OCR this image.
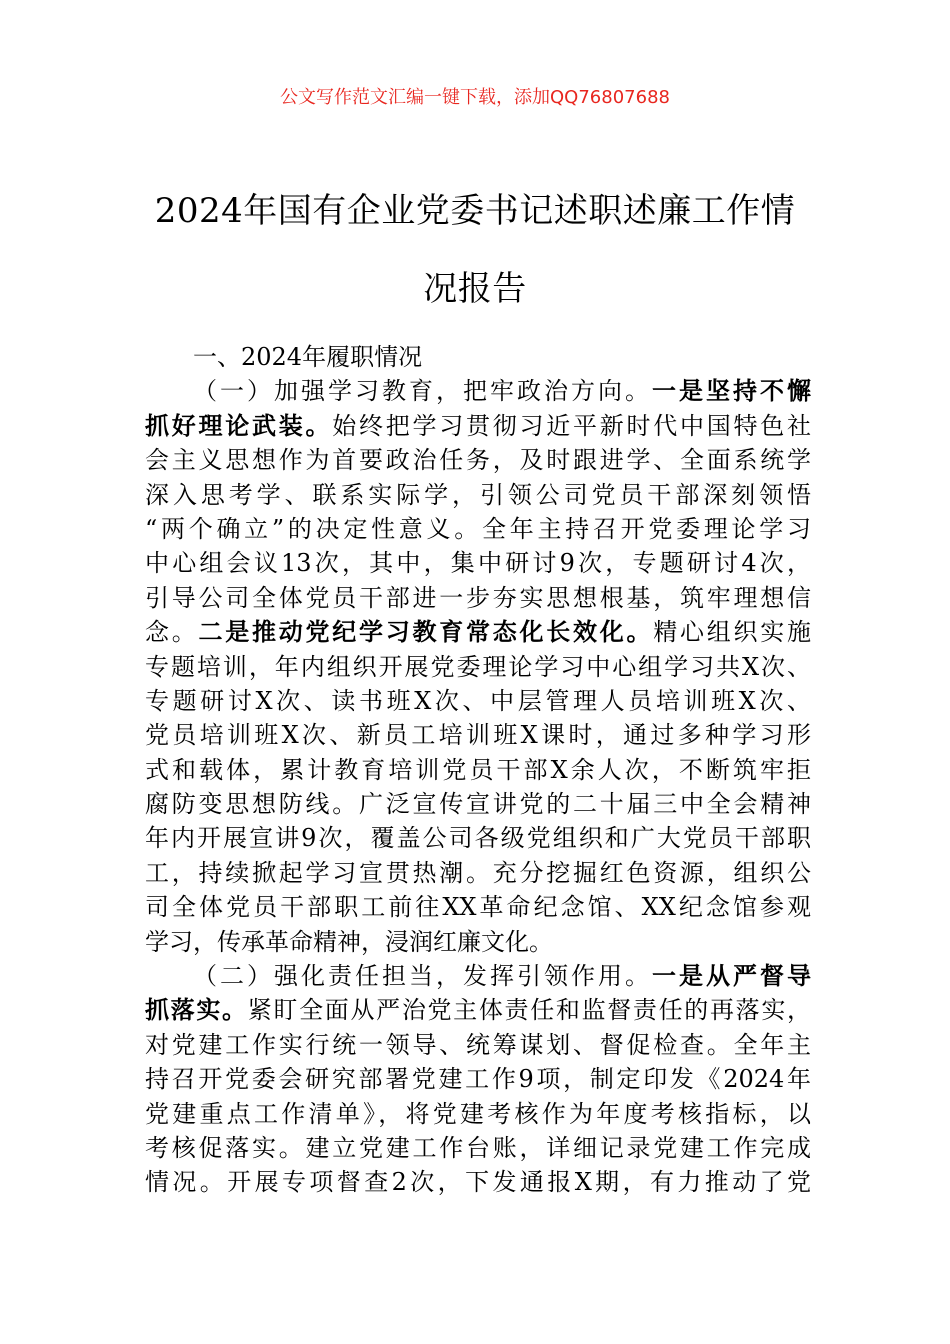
公文写作范文汇编一键下载，添加QQ76807688
2024年国有企业党委书记述职述廉工作情
况报告
一、2024年履职情况
（一）加强学习教育，把牢政治方向。一是坚持不懈
抓好理论武装。始终把学习贯彻习近平新时代中国特色社
会主义思想作为首要政治任务，及时跟进学、全面系统学
深入思考学、联系实际学，引领公司党员干部深刻领悟
“两个确立”的决定性意义。全年主持召开党委理论学习
中心组会议13次，其中，集中研讨9次，专题研讨4次，
引导公司全体党员干部进一步夯实思想根基，筑牢理想信
念。二是推动党纪学习教育常态化长效化。精心组织实施
专题培训，年内组织开展党委理论学习中心组学习共X次、
专题研讨X次、读书班X次、中层管理人员培训班X次、
党员培训班X次、新员工培训班X课时，通过多种学习形
式和载体，累计教育培训党员干部X余人次，不断筑牢拒
腐防变思想防线。广泛宣传宣讲党的二十届三中全会精神
年内开展宣讲9次，覆盖公司各级党组织和广大党员干部职
工，持续掀起学习宣贯热潮。充分挖掘红色资源，组织公
司全体党员干部职工前往XX革命纪念馆、XX纪念馆参观
学习，传承革命精神，浸润红廉文化。
（二）强化责任担当，发挥引领作用。一是从严督导
抓落实。紧盯全面从严治党主体责任和监督责任的再落实，
对党建工作实行统一领导、统筹谋划、督促检查。全年主
持召开党委会研究部署党建工作9项，制定印发《2024年
党建重点工作清单》，将党建考核作为年度考核指标，以
考核促落实。建立党建工作台账，详细记录党建工作完成
情况。开展专项督查2次，下发通报X期，有力推动了党
